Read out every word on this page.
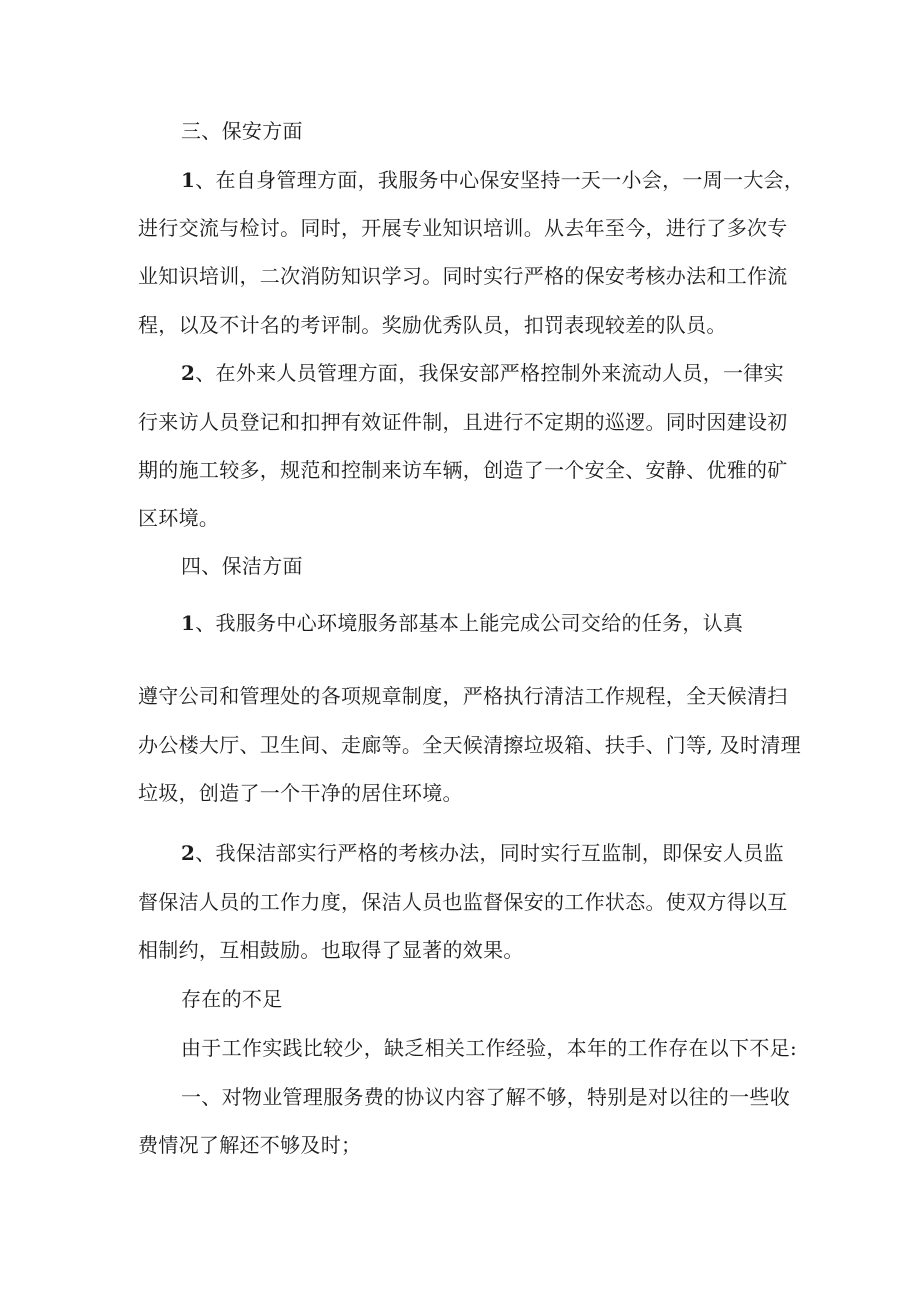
三、保安方面
1、在自身管理方面，我服务中心保安坚持一天一小会，一周一大会，
进行交流与检讨。同时，开展专业知识培训。从去年至今，进行了多次专
业知识培训，二次消防知识学习。同时实行严格的保安考核办法和工作流
程，以及不计名的考评制。奖励优秀队员，扣罚表现较差的队员。
2、在外来人员管理方面，我保安部严格控制外来流动人员，一律实
行来访人员登记和扣押有效证件制，且进行不定期的巡逻。同时因建设初
期的施工较多，规范和控制来访车辆，创造了一个安全、安静、优雅的矿
区环境。
四、保洁方面
1、我服务中心环境服务部基本上能完成公司交给的任务，认真
遵守公司和管理处的各项规章制度，严格执行清洁工作规程，全天候清扫
办公楼大厅、卫生间、走廊等。全天候清擦垃圾箱、扶手、门等, 及时清理
垃圾，创造了一个干净的居住环境。
2、我保洁部实行严格的考核办法，同时实行互监制，即保安人员监
督保洁人员的工作力度，保洁人员也监督保安的工作状态。使双方得以互
相制约，互相鼓励。也取得了显著的效果。
存在的不足
由于工作实践比较少，缺乏相关工作经验，本年的工作存在以下不足:
一、对物业管理服务费的协议内容了解不够，特别是对以往的一些收
费情况了解还不够及时；
